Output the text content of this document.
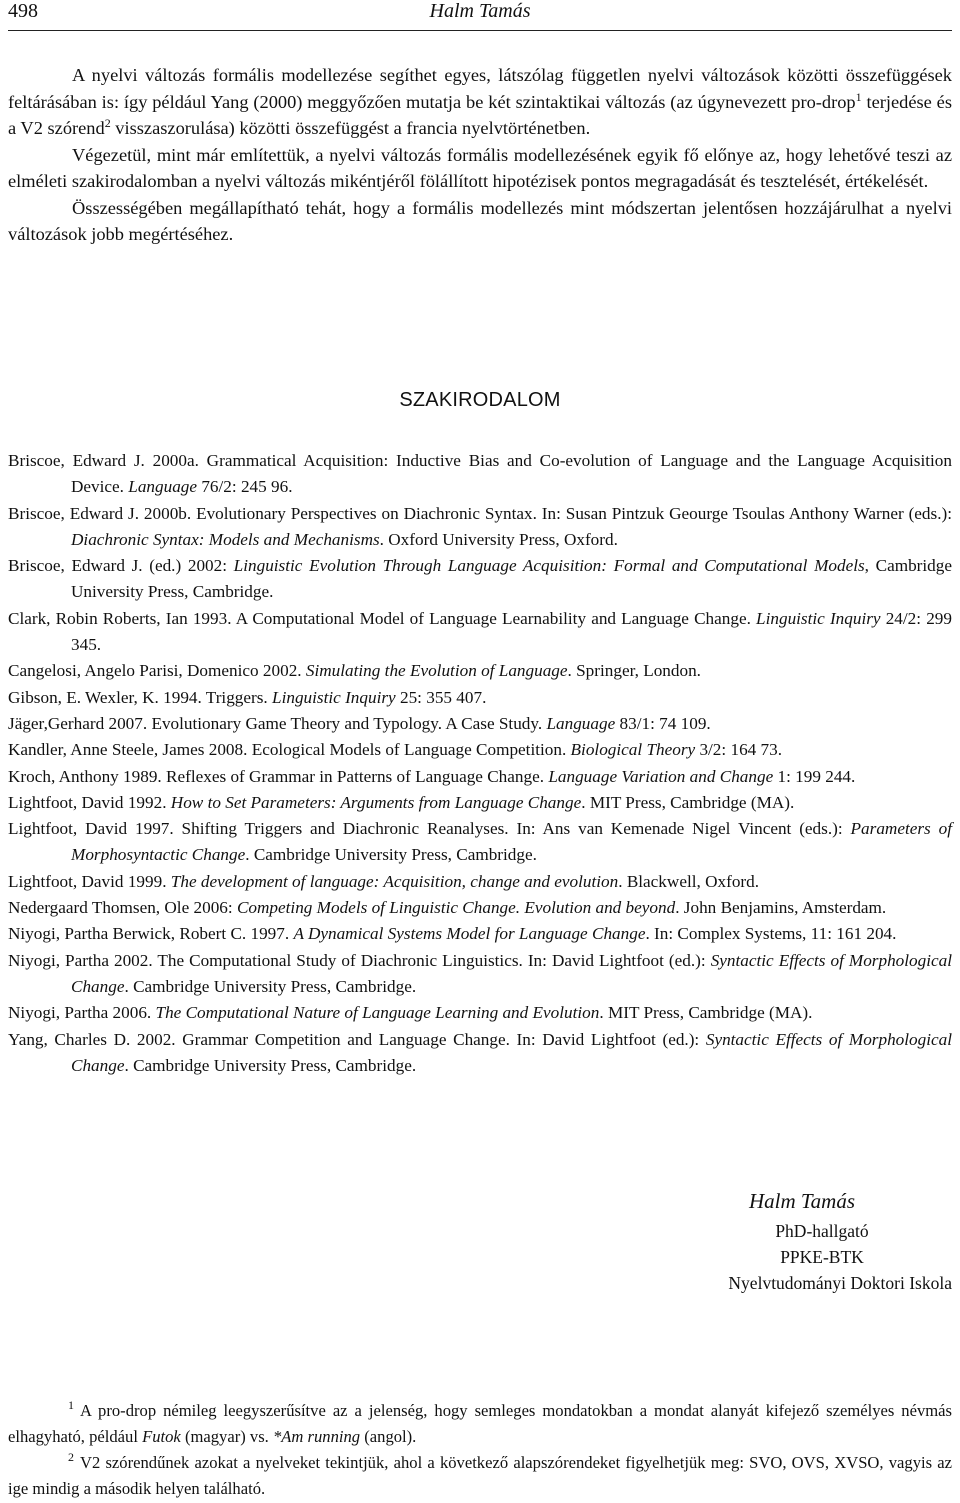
498	Halm Tamás

A nyelvi változás formális modellezése segíthet egyes, látszólag független nyelvi változások közötti összefüggések feltárásában is: így például Yang (2000) meggyőzően mutatja be két szintaktikai változás (az úgynevezett pro-drop$^1$ terjedése és a V2 szórend$^2$ visszaszorulása) közötti összefüggést a francia nyelvtörténetben.

Végezetül, mint már említettük, a nyelvi változás formális modellezésének egyik fő előnye az, hogy lehetővé teszi az elméleti szakirodalomban a nyelvi változás mikéntjéről fölállított hipotézisek pontos megragadását és tesztelését, értékelését.

Összességében megállapítható tehát, hogy a formális modellezés mint módszertan jelentősen hozzájárulhat a nyelvi változások jobb megértéséhez.

SZAKIRODALOM

Briscoe, Edward J. 2000a. Grammatical Acquisition: Inductive Bias and Co-evolution of Language and the Language Acquisition Device. Language 76/2: 245 96.

Briscoe, Edward J. 2000b. Evolutionary Perspectives on Diachronic Syntax. In: Susan Pintzuk Geourge Tsoulas Anthony Warner (eds.): Diachronic Syntax: Models and Mechanisms. Oxford University Press, Oxford.

Briscoe, Edward J. (ed.) 2002: Linguistic Evolution Through Language Acquisition: Formal and Computational Models, Cambridge University Press, Cambridge.

Clark, Robin Roberts, Ian 1993. A Computational Model of Language Learnability and Language Change. Linguistic Inquiry 24/2: 299 345.

Cangelosi, Angelo Parisi, Domenico 2002. Simulating the Evolution of Language. Springer, London.

Gibson, E. Wexler, K. 1994. Triggers. Linguistic Inquiry 25: 355 407.

Jäger,Gerhard 2007. Evolutionary Game Theory and Typology. A Case Study. Language 83/1: 74 109.

Kandler, Anne Steele, James 2008. Ecological Models of Language Competition. Biological Theory 3/2: 164 73.

Kroch, Anthony 1989. Reflexes of Grammar in Patterns of Language Change. Language Variation and Change 1: 199 244.

Lightfoot, David 1992. How to Set Parameters: Arguments from Language Change. MIT Press, Cambridge (MA).

Lightfoot, David 1997. Shifting Triggers and Diachronic Reanalyses. In: Ans van Kemenade Nigel Vincent (eds.): Parameters of Morphosyntactic Change. Cambridge University Press, Cambridge.

Lightfoot, David 1999. The development of language: Acquisition, change and evolution. Blackwell, Oxford.

Nedergaard Thomsen, Ole 2006: Competing Models of Linguistic Change. Evolution and beyond. John Benjamins, Amsterdam.

Niyogi, Partha Berwick, Robert C. 1997. A Dynamical Systems Model for Language Change. In: Complex Systems, 11: 161 204.

Niyogi, Partha 2002. The Computational Study of Diachronic Linguistics. In: David Lightfoot (ed.): Syntactic Effects of Morphological Change. Cambridge University Press, Cambridge.

Niyogi, Partha 2006. The Computational Nature of Language Learning and Evolution. MIT Press, Cambridge (MA).

Yang, Charles D. 2002. Grammar Competition and Language Change. In: David Lightfoot (ed.): Syntactic Effects of Morphological Change. Cambridge University Press, Cambridge.

Halm Tamás
PhD-hallgató
PPKE-BTK
Nyelvtudományi Doktori Iskola

$^1$ A pro-drop némileg leegyszerűsítve az a jelenség, hogy semleges mondatokban a mondat alanyát kifejező személyes névmás elhagyható, például Futok (magyar) vs. *Am running (angol).

$^2$ V2 szórendűnek azokat a nyelveket tekintjük, ahol a következő alapszórendeket figyelhetjük meg: SVO, OVS, XVSO, vagyis az ige mindig a második helyen található.
